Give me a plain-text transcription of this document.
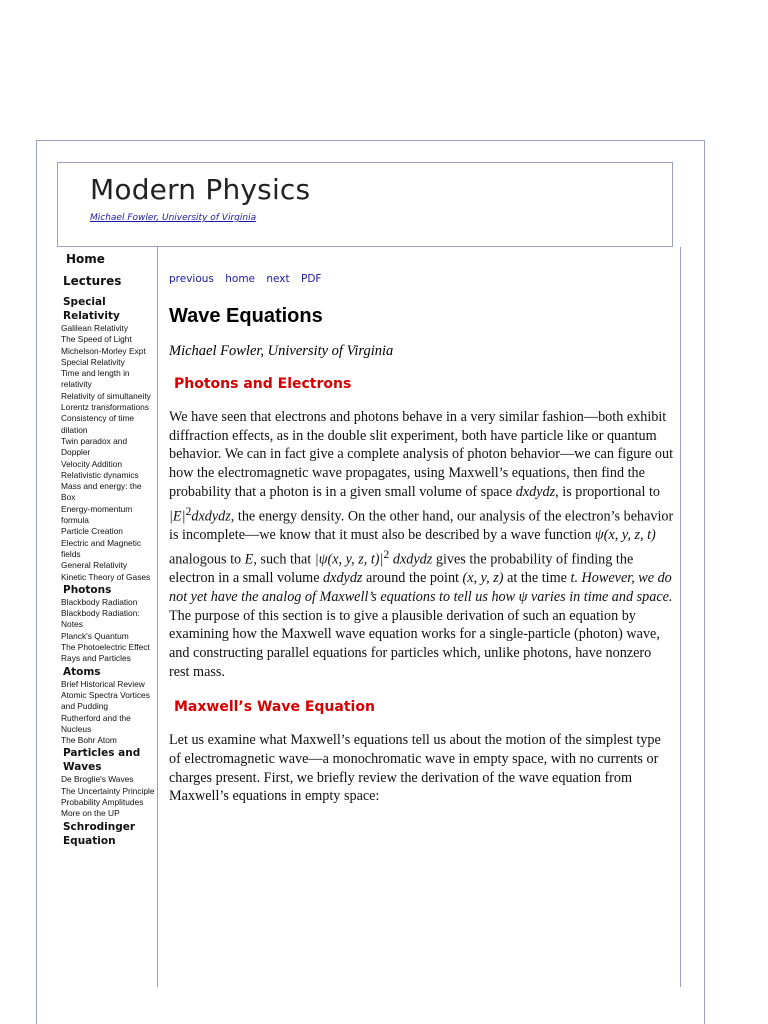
Modern Physics
Michael Fowler, University of Virginia
Home
Lectures
Special Relativity
Galilean Relativity
The Speed of Light
Michelson-Morley Expt
Special Relativity
Time and length in relativity
Relativity of simultaneity
Lorentz transformations
Consistency of time dilation
Twin paradox and Doppler
Velocity Addition
Relativistic dynamics
Mass and energy: the Box
Energy-momentum formula
Particle Creation
Electric and Magnetic fields
General Relativity
Kinetic Theory of Gases
Photons
Blackbody Radiation
Blackbody Radiation: Notes
Planck's Quantum
The Photoelectric Effect
Rays and Particles
Atoms
Brief Historical Review
Atomic Spectra Vortices and Pudding
Rutherford and the Nucleus
The Bohr Atom
Particles and Waves
De Broglie's Waves
The Uncertainty Principle
Probability Amplitudes
More on the UP
Schrodinger Equation
previous home next PDF
Wave Equations
Michael Fowler, University of Virginia
Photons and Electrons

We have seen that electrons and photons behave in a very similar fashion—both exhibit diffraction effects, as in the double slit experiment, both have particle like or quantum behavior. We can in fact give a complete analysis of photon behavior—we can figure out how the electromagnetic wave propagates, using Maxwell’s equations, then find the probability that a photon is in a given small volume of space dxdydz, is proportional to $|E|^2dxdydz$, the energy density. On the other hand, our analysis of the electron’s behavior is incomplete—we know that it must also be described by a wave function ψ(x, y, z, t) analogous to E, such that |ψ(x, y, z, $t)|^2$ dxdydz gives the probability of finding the electron in a small volume dxdydz around the point (x, y, z) at the time t. However, we do not yet have the analog of Maxwell’s equations to tell us how ψ varies in time and space. The purpose of this section is to give a plausible derivation of such an equation by examining how the Maxwell wave equation works for a single-particle (photon) wave, and constructing parallel equations for particles which, unlike photons, have nonzero rest mass.

Maxwell’s Wave Equation

Let us examine what Maxwell’s equations tell us about the motion of the simplest type of electromagnetic wave—a monochromatic wave in empty space, with no currents or charges present. First, we briefly review the derivation of the wave equation from Maxwell’s equations in empty space:
